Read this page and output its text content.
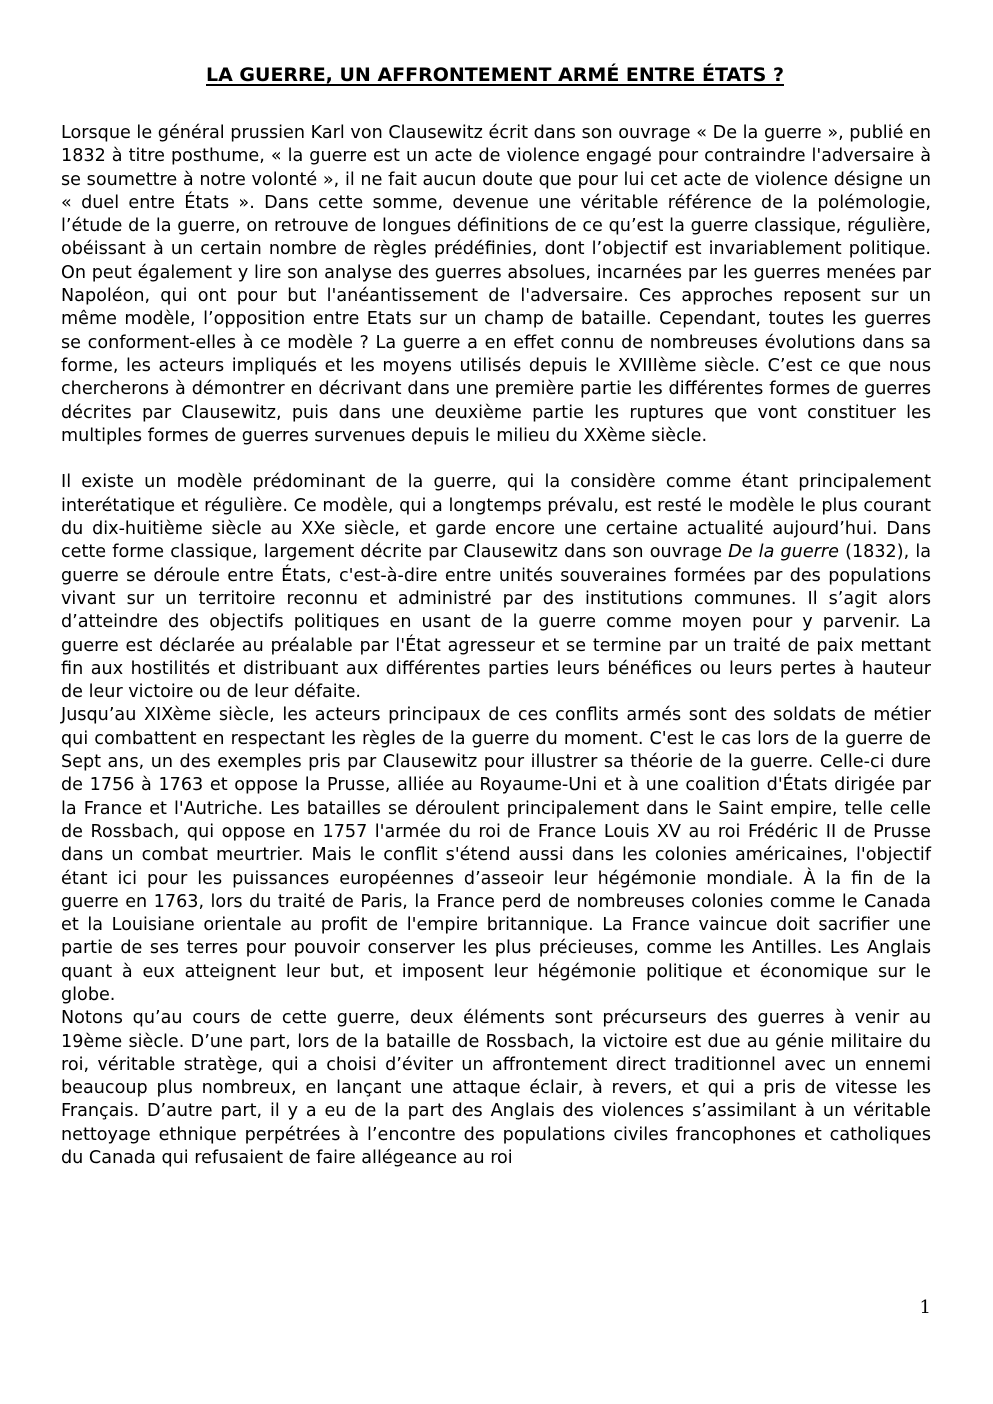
LA GUERRE, UN AFFRONTEMENT ARMÉ ENTRE ÉTATS ?

Lorsque le général prussien Karl von Clausewitz écrit dans son ouvrage « De la guerre », publié en 1832 à titre posthume, « la guerre est un acte de violence engagé pour contraindre l'adversaire à se soumettre à notre volonté », il ne fait aucun doute que pour lui cet acte de violence désigne un « duel entre États ». Dans cette somme, devenue une véritable référence de la polémologie, l’étude de la guerre, on retrouve de longues définitions de ce qu’est la guerre classique, régulière, obéissant à un certain nombre de règles prédéfinies, dont l’objectif est invariablement politique. On peut également y lire son analyse des guerres absolues, incarnées par les guerres menées par Napoléon, qui ont pour but l'anéantissement de l'adversaire. Ces approches reposent sur un même modèle, l’opposition entre Etats sur un champ de bataille. Cependant, toutes les guerres se conforment-elles à ce modèle ? La guerre a en effet connu de nombreuses évolutions dans sa forme, les acteurs impliqués et les moyens utilisés depuis le XVIIIème siècle. C’est ce que nous chercherons à démontrer en décrivant dans une première partie les différentes formes de guerres décrites par Clausewitz, puis dans une deuxième partie les ruptures que vont constituer les multiples formes de guerres survenues depuis le milieu du XXème siècle.

Il existe un modèle prédominant de la guerre, qui la considère comme étant principalement interétatique et régulière. Ce modèle, qui a longtemps prévalu, est resté le modèle le plus courant du dix-huitième siècle au XXe siècle, et garde encore une certaine actualité aujourd’hui. Dans cette forme classique, largement décrite par Clausewitz dans son ouvrage De la guerre (1832), la guerre se déroule entre États, c'est-à-dire entre unités souveraines formées par des populations vivant sur un territoire reconnu et administré par des institutions communes. Il s’agit alors d’atteindre des objectifs politiques en usant de la guerre comme moyen pour y parvenir. La guerre est déclarée au préalable par l'État agresseur et se termine par un traité de paix mettant fin aux hostilités et distribuant aux différentes parties leurs bénéfices ou leurs pertes à hauteur de leur victoire ou de leur défaite.

Jusqu’au XIXème siècle, les acteurs principaux de ces conflits armés sont des soldats de métier qui combattent en respectant les règles de la guerre du moment. C'est le cas lors de la guerre de Sept ans, un des exemples pris par Clausewitz pour illustrer sa théorie de la guerre. Celle-ci dure de 1756 à 1763 et oppose la Prusse, alliée au Royaume-Uni et à une coalition d'États dirigée par la France et l'Autriche. Les batailles se déroulent principalement dans le Saint empire, telle celle de Rossbach, qui oppose en 1757 l'armée du roi de France Louis XV au roi Frédéric II de Prusse dans un combat meurtrier. Mais le conflit s'étend aussi dans les colonies américaines, l'objectif étant ici pour les puissances européennes d’asseoir leur hégémonie mondiale. À la fin de la guerre en 1763, lors du traité de Paris, la France perd de nombreuses colonies comme le Canada et la Louisiane orientale au profit de l'empire britannique. La France vaincue doit sacrifier une partie de ses terres pour pouvoir conserver les plus précieuses, comme les Antilles. Les Anglais quant à eux atteignent leur but, et imposent leur hégémonie politique et économique sur le globe.

Notons qu’au cours de cette guerre, deux éléments sont précurseurs des guerres à venir au 19ème siècle. D’une part, lors de la bataille de Rossbach, la victoire est due au génie militaire du roi, véritable stratège, qui a choisi d’éviter un affrontement direct traditionnel avec un ennemi beaucoup plus nombreux, en lançant une attaque éclair, à revers, et qui a pris de vitesse les Français. D’autre part, il y a eu de la part des Anglais des violences s’assimilant à un véritable nettoyage ethnique perpétrées à l’encontre des populations civiles francophones et catholiques du Canada qui refusaient de faire allégeance au roi

1
